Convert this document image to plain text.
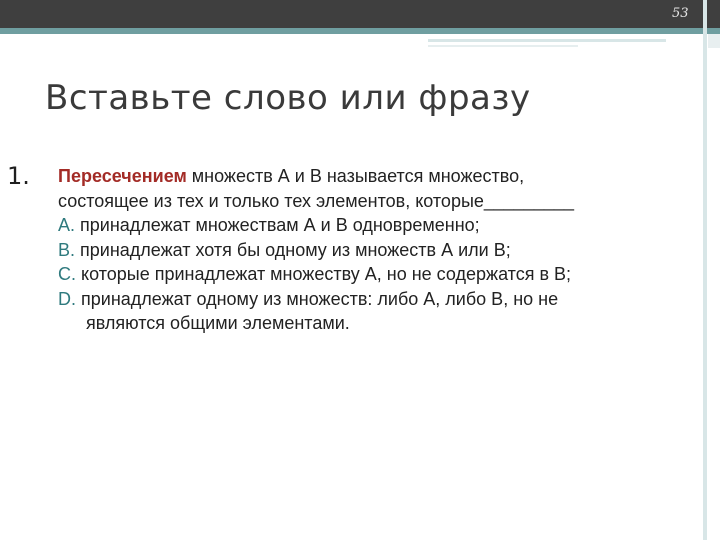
53
Вставьте слово или фразу
1. Пересечением множеств А и В называется множество,

состоящее из тех и только тех элементов, которые_________

A. принадлежат множествам А и В одновременно;

B. принадлежат хотя бы одному из множеств А или В;

C. которые принадлежат множеству А, но не содержатся в В;

D. принадлежат одному из множеств: либо А, либо В, но не

являются общими элементами.
